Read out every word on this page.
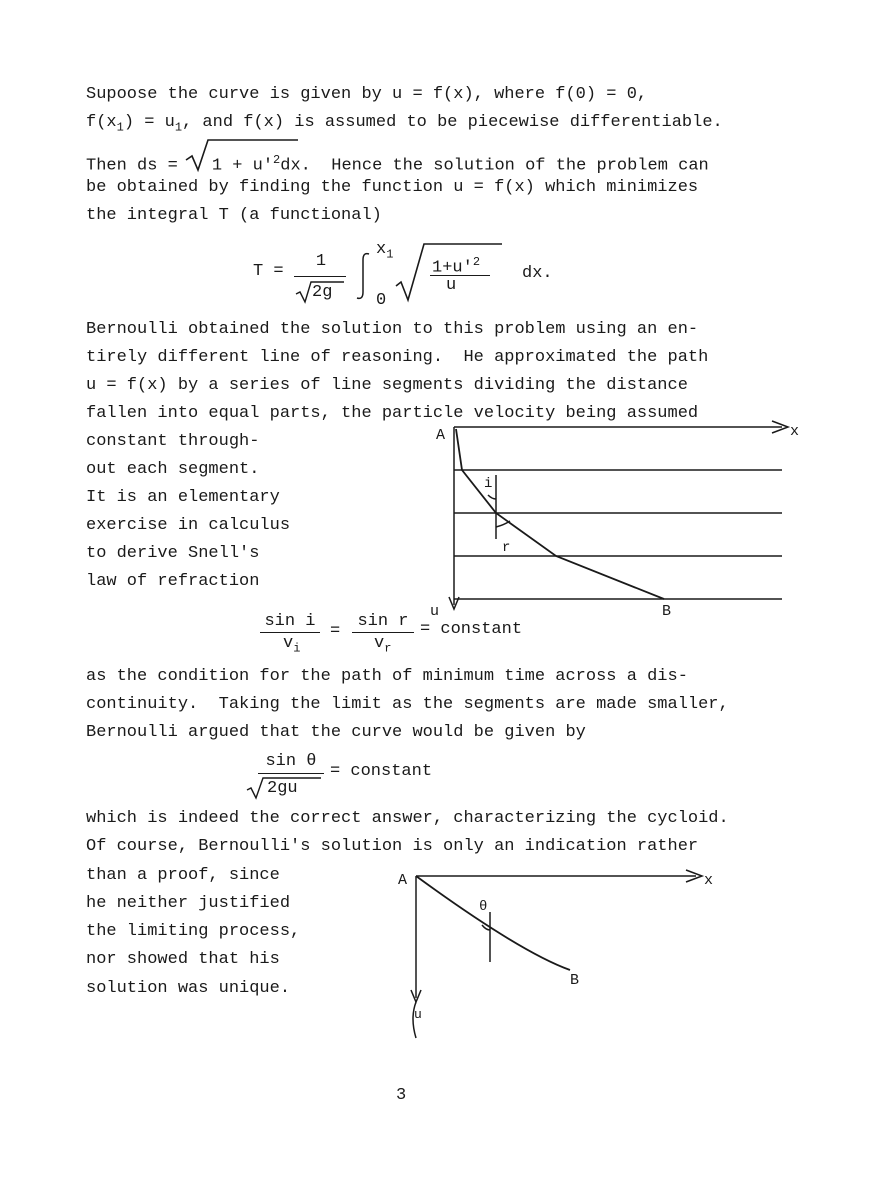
Supoose the curve is given by u = f(x), where f(0) = 0,
$f(x_1) = u_1$, and f(x) is assumed to be piecewise differentiable.
Then ds = $1 + u'^2dx$.  Hence the solution of the problem can
be obtained by finding the function u = f(x) which minimizes
the integral T (a functional)
T =
1
2g
$x_1$
0
$1+u'^2$
u
dx.
Bernoulli obtained the solution to this problem using an en-
tirely different line of reasoning.  He approximated the path
u = f(x) by a series of line segments dividing the distance
fallen into equal parts, the particle velocity being assumed
constant through-
out each segment.
It is an elementary
exercise in calculus
to derive Snell's
law of refraction
A	x
i
r
u	B
sin i
$v_i$
=
sin r
$v_r$
= constant
as the condition for the path of minimum time across a dis-
continuity.  Taking the limit as the segments are made smaller,
Bernoulli argued that the curve would be given by
sin θ
2gu
= constant
which is indeed the correct answer, characterizing the cycloid.
Of course, Bernoulli's solution is only an indication rather
than a proof, since
he neither justified
the limiting process,
nor showed that his
solution was unique.
A	x
θ
B
u
3
